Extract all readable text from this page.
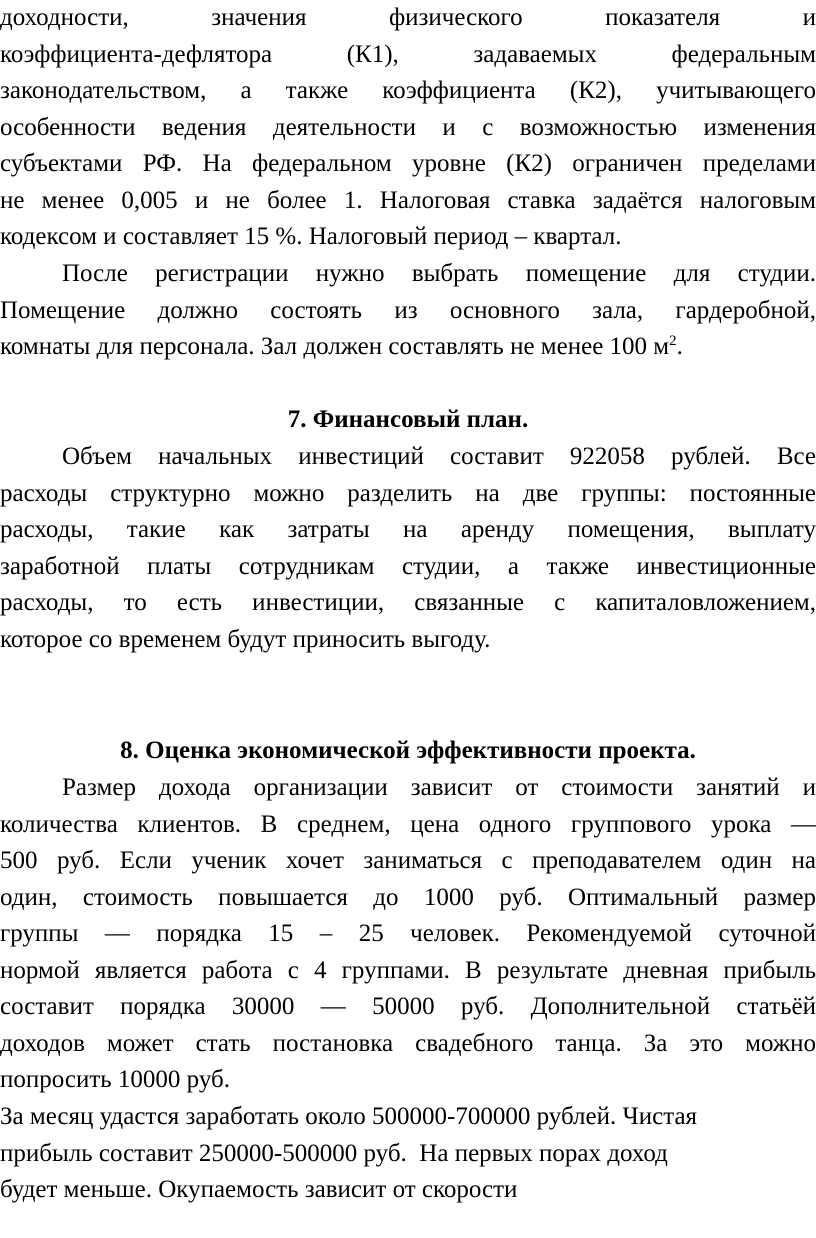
доходности, значения физического показателя и
коэффициента-дефлятора (К1), задаваемых федеральным
законодательством, а также коэффициента (К2), учитывающего
особенности ведения деятельности и с возможностью изменения
субъектами РФ. На федеральном уровне (К2) ограничен пределами
не менее 0,005 и не более 1. Налоговая ставка задаётся налоговым
кодексом и составляет 15 %. Налоговый период – квартал.
После регистрации нужно выбрать помещение для студии.
Помещение должно состоять из основного зала, гардеробной,
комнаты для персонала. Зал должен составлять не менее 100 $м^2$.
7. Финансовый план.
Объем начальных инвестиций составит 922058 рублей. Все
расходы структурно можно разделить на две группы: постоянные
расходы, такие как затраты на аренду помещения, выплату
заработной платы сотрудникам студии, а также инвестиционные
расходы, то есть инвестиции, связанные с капиталовложением,
которое со временем будут приносить выгоду.
8. Оценка экономической эффективности проекта.
Размер дохода организации зависит от стоимости занятий и
количества клиентов. В среднем, цена одного группового урока —
500 руб. Если ученик хочет заниматься с преподавателем один на
один, стоимость повышается до 1000 руб. Оптимальный размер
группы — порядка 15 – 25 человек. Рекомендуемой суточной
нормой является работа с 4 группами. В результате дневная прибыль
составит порядка 30000 — 50000 руб. Дополнительной статьёй
доходов может стать постановка свадебного танца. За это можно
попросить 10000 руб.
За месяц удастся заработать около 500000-700000 рублей. Чистая
прибыль составит 250000-500000 руб.  На первых порах доход
будет меньше. Окупаемость зависит от скорости
